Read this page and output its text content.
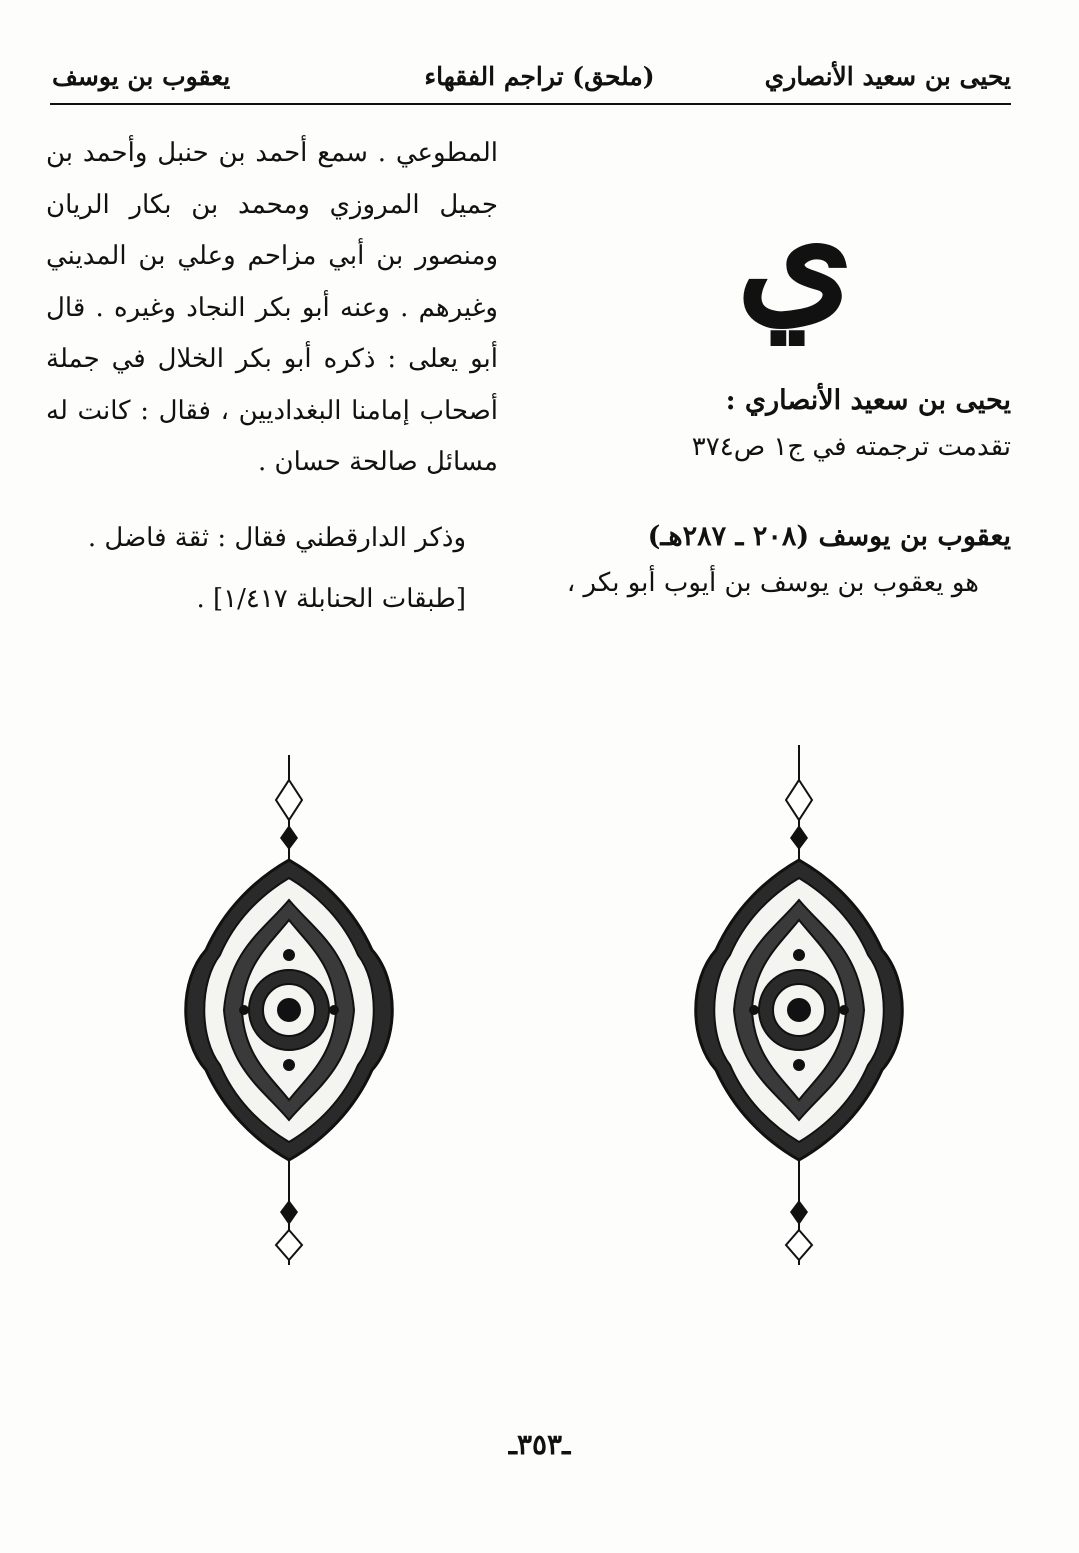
يحيى بن سعيد الأنصاري
(ملحق) تراجم الفقهاء
يعقوب بن يوسف
ي
يحيى بن سعيد الأنصاري :
تقدمت ترجمته في ج١ ص٣٧٤
يعقوب بن يوسف (٢٠٨ ـ ٢٨٧هـ)
هو يعقوب بن يوسف بن أيوب أبو بكر ،

المطوعي . سمع أحمد بن حنبل وأحمد بن جميل المروزي ومحمد بن بكار الريان ومنصور بن أبي مزاحم وعلي بن المديني وغيرهم . وعنه أبو بكر النجاد وغيره . قال أبو يعلى : ذكره أبو بكر الخلال في جملة أصحاب إمامنا البغداديين ، فقال : كانت له مسائل صالحة حسان .

وذكر الدارقطني فقال : ثقة فاضل .

[طبقات الحنابلة ١/٤١٧] .

ـ٣٥٣ـ
